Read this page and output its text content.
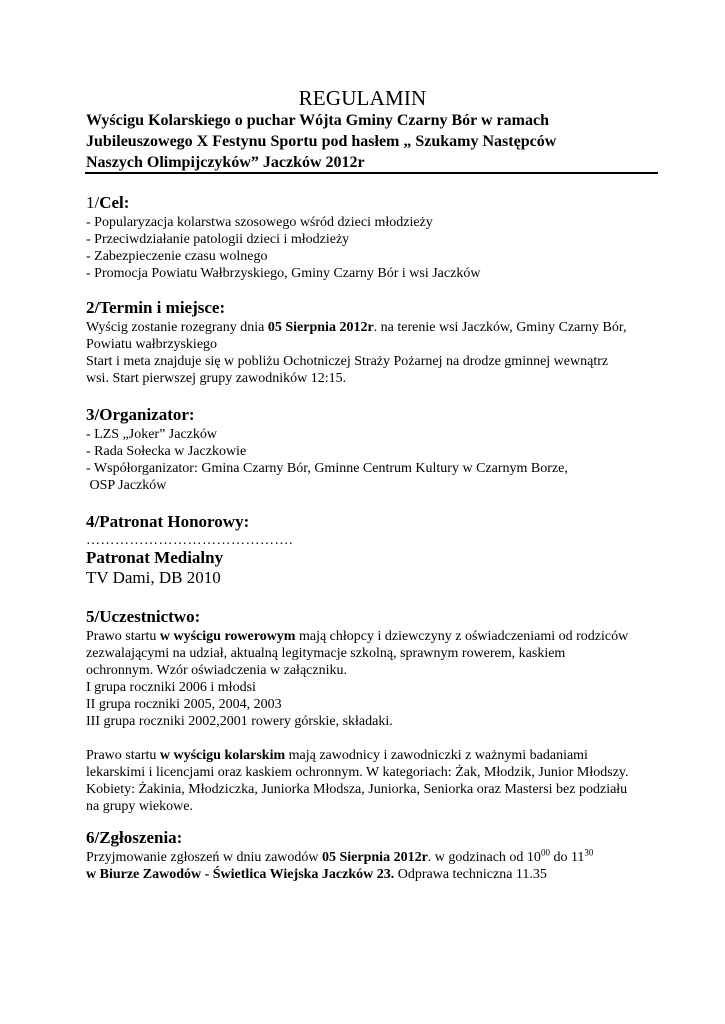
REGULAMIN
Wyścigu Kolarskiego o puchar Wójta Gminy Czarny Bór w ramach
Jubileuszowego X Festynu Sportu pod hasłem „ Szukamy Następców
Naszych Olimpijczyków” Jaczków 2012r
1/Cel:
- Popularyzacja kolarstwa szosowego wśród dzieci młodzieży
- Przeciwdziałanie patologii dzieci i młodzieży
- Zabezpieczenie czasu wolnego
- Promocja Powiatu Wałbrzyskiego, Gminy Czarny Bór i wsi Jaczków
2/Termin i miejsce:
Wyścig zostanie rozegrany dnia 05 Sierpnia 2012r. na terenie wsi Jaczków, Gminy Czarny Bór,
Powiatu wałbrzyskiego
Start i meta znajduje się w pobliżu Ochotniczej Straży Pożarnej na drodze gminnej wewnątrz
wsi. Start pierwszej grupy zawodników 12:15.
3/Organizator:
- LZS „Joker” Jaczków
- Rada Sołecka w Jaczkowie
- Współorganizator: Gmina Czarny Bór, Gminne Centrum Kultury w Czarnym Borze,
OSP Jaczków
4/Patronat Honorowy:
…………………………………….
Patronat Medialny
TV Dami, DB 2010
5/Uczestnictwo:
Prawo startu w wyścigu rowerowym mają chłopcy i dziewczyny z oświadczeniami od rodziców
zezwalającymi na udział, aktualną legitymacje szkolną, sprawnym rowerem, kaskiem
ochronnym. Wzór oświadczenia w załączniku.
I grupa roczniki 2006 i młodsi
II grupa roczniki 2005, 2004, 2003
III grupa roczniki 2002,2001 rowery górskie, składaki.
Prawo startu w wyścigu kolarskim mają zawodnicy i zawodniczki z ważnymi badaniami
lekarskimi i licencjami oraz kaskiem ochronnym. W kategoriach: Żak, Młodzik, Junior Młodszy.
Kobiety: Żakinia, Młodziczka, Juniorka Młodsza, Juniorka, Seniorka oraz Mastersi bez podziału
na grupy wiekowe.
6/Zgłoszenia:
Przyjmowanie zgłoszeń w dniu zawodów 05 Sierpnia 2012r. w godzinach od $10^{00}$ do $11^{30}$
w Biurze Zawodów - Świetlica Wiejska Jaczków 23. Odprawa techniczna 11.35
